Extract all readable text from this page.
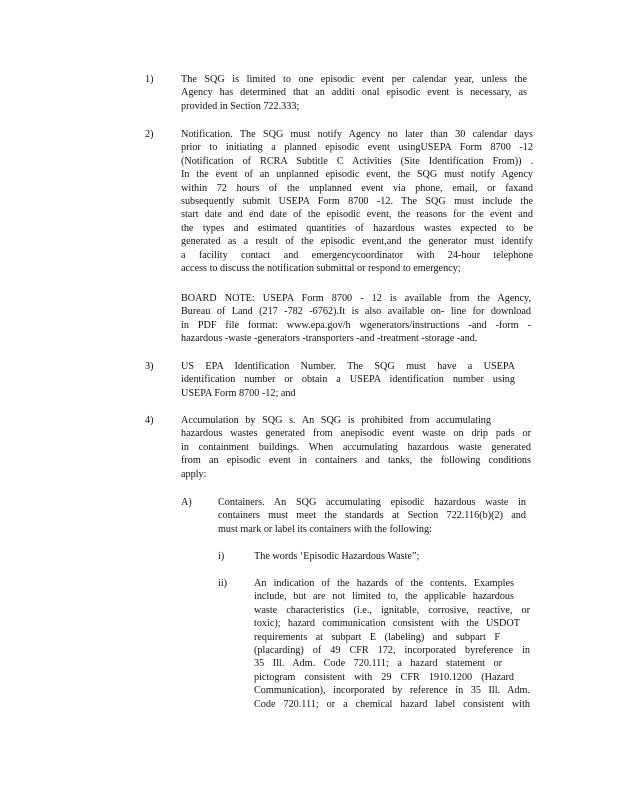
1)	The SQG is limited to one episodic event per calendar year, unless the
Agency has determined that an additi onal episodic event is necessary, as
provided in Section 722.333;
2)	Notification. The SQG must notify Agency no later than 30 calendar days
prior to initiating a planned episodic event usingUSEPA Form 8700 -12
(Notification of RCRA Subtitle C Activities (Site Identification From)) .
In the event of an unplanned episodic event, the SQG must notify Agency
within 72 hours of the unplanned event via phone, email, or faxand
subsequently submit USEPA Form 8700 -12. The SQG must include the
start date and end date of the episodic event, the reasons for the event and
the types and estimated quantities of hazardous wastes expected to be
generated as a result of the episodic event,and the generator must identify
a facility contact and emergencycoordinator with 24-hour telephone
access to discuss the notification submittal or respond to emergency;
BOARD NOTE: USEPA Form 8700 - 12 is available from the Agency,
Bureau of Land (217 -782 -6762).It is also available on- line for download
in PDF file format: www.epa.gov/h wgenerators/instructions -and -form -
hazardous -waste -generators -transporters -and -treatment -storage -and.
3)	US EPA Identification Number. The SQG must have a USEPA
identification number or obtain a USEPA identification number using
USEPA Form 8700 -12; and
4)	Accumulation by SQG s. An SQG is prohibited from accumulating
hazardous wastes generated from anepisodic event waste on drip pads or
in containment buildings. When accumulating hazardous waste generated
from an episodic event in containers and tanks, the following conditions
apply:
A)	Containers. An SQG accumulating episodic hazardous waste in
containers must meet the standards at Section 722.116(b)(2) and
must mark or label its containers with the following:
i)	The words ‘Episodic Hazardous Waste”;
ii)	An indication of the hazards of the contents. Examples
include, but are not limited to, the applicable hazardous
waste characteristics (i.e., ignitable, corrosive, reactive, or
toxic); hazard communication consistent with the USDOT
requirements at subpart E (labeling) and subpart F
(placarding) of 49 CFR 172, incorporated byreference in
35 Ill. Adm. Code 720.111; a hazard statement or
pictogram consistent with 29 CFR 1910.1200 (Hazard
Communication), incorporated by reference in 35 Ill. Adm.
Code 720.111; or a chemical hazard label consistent with
